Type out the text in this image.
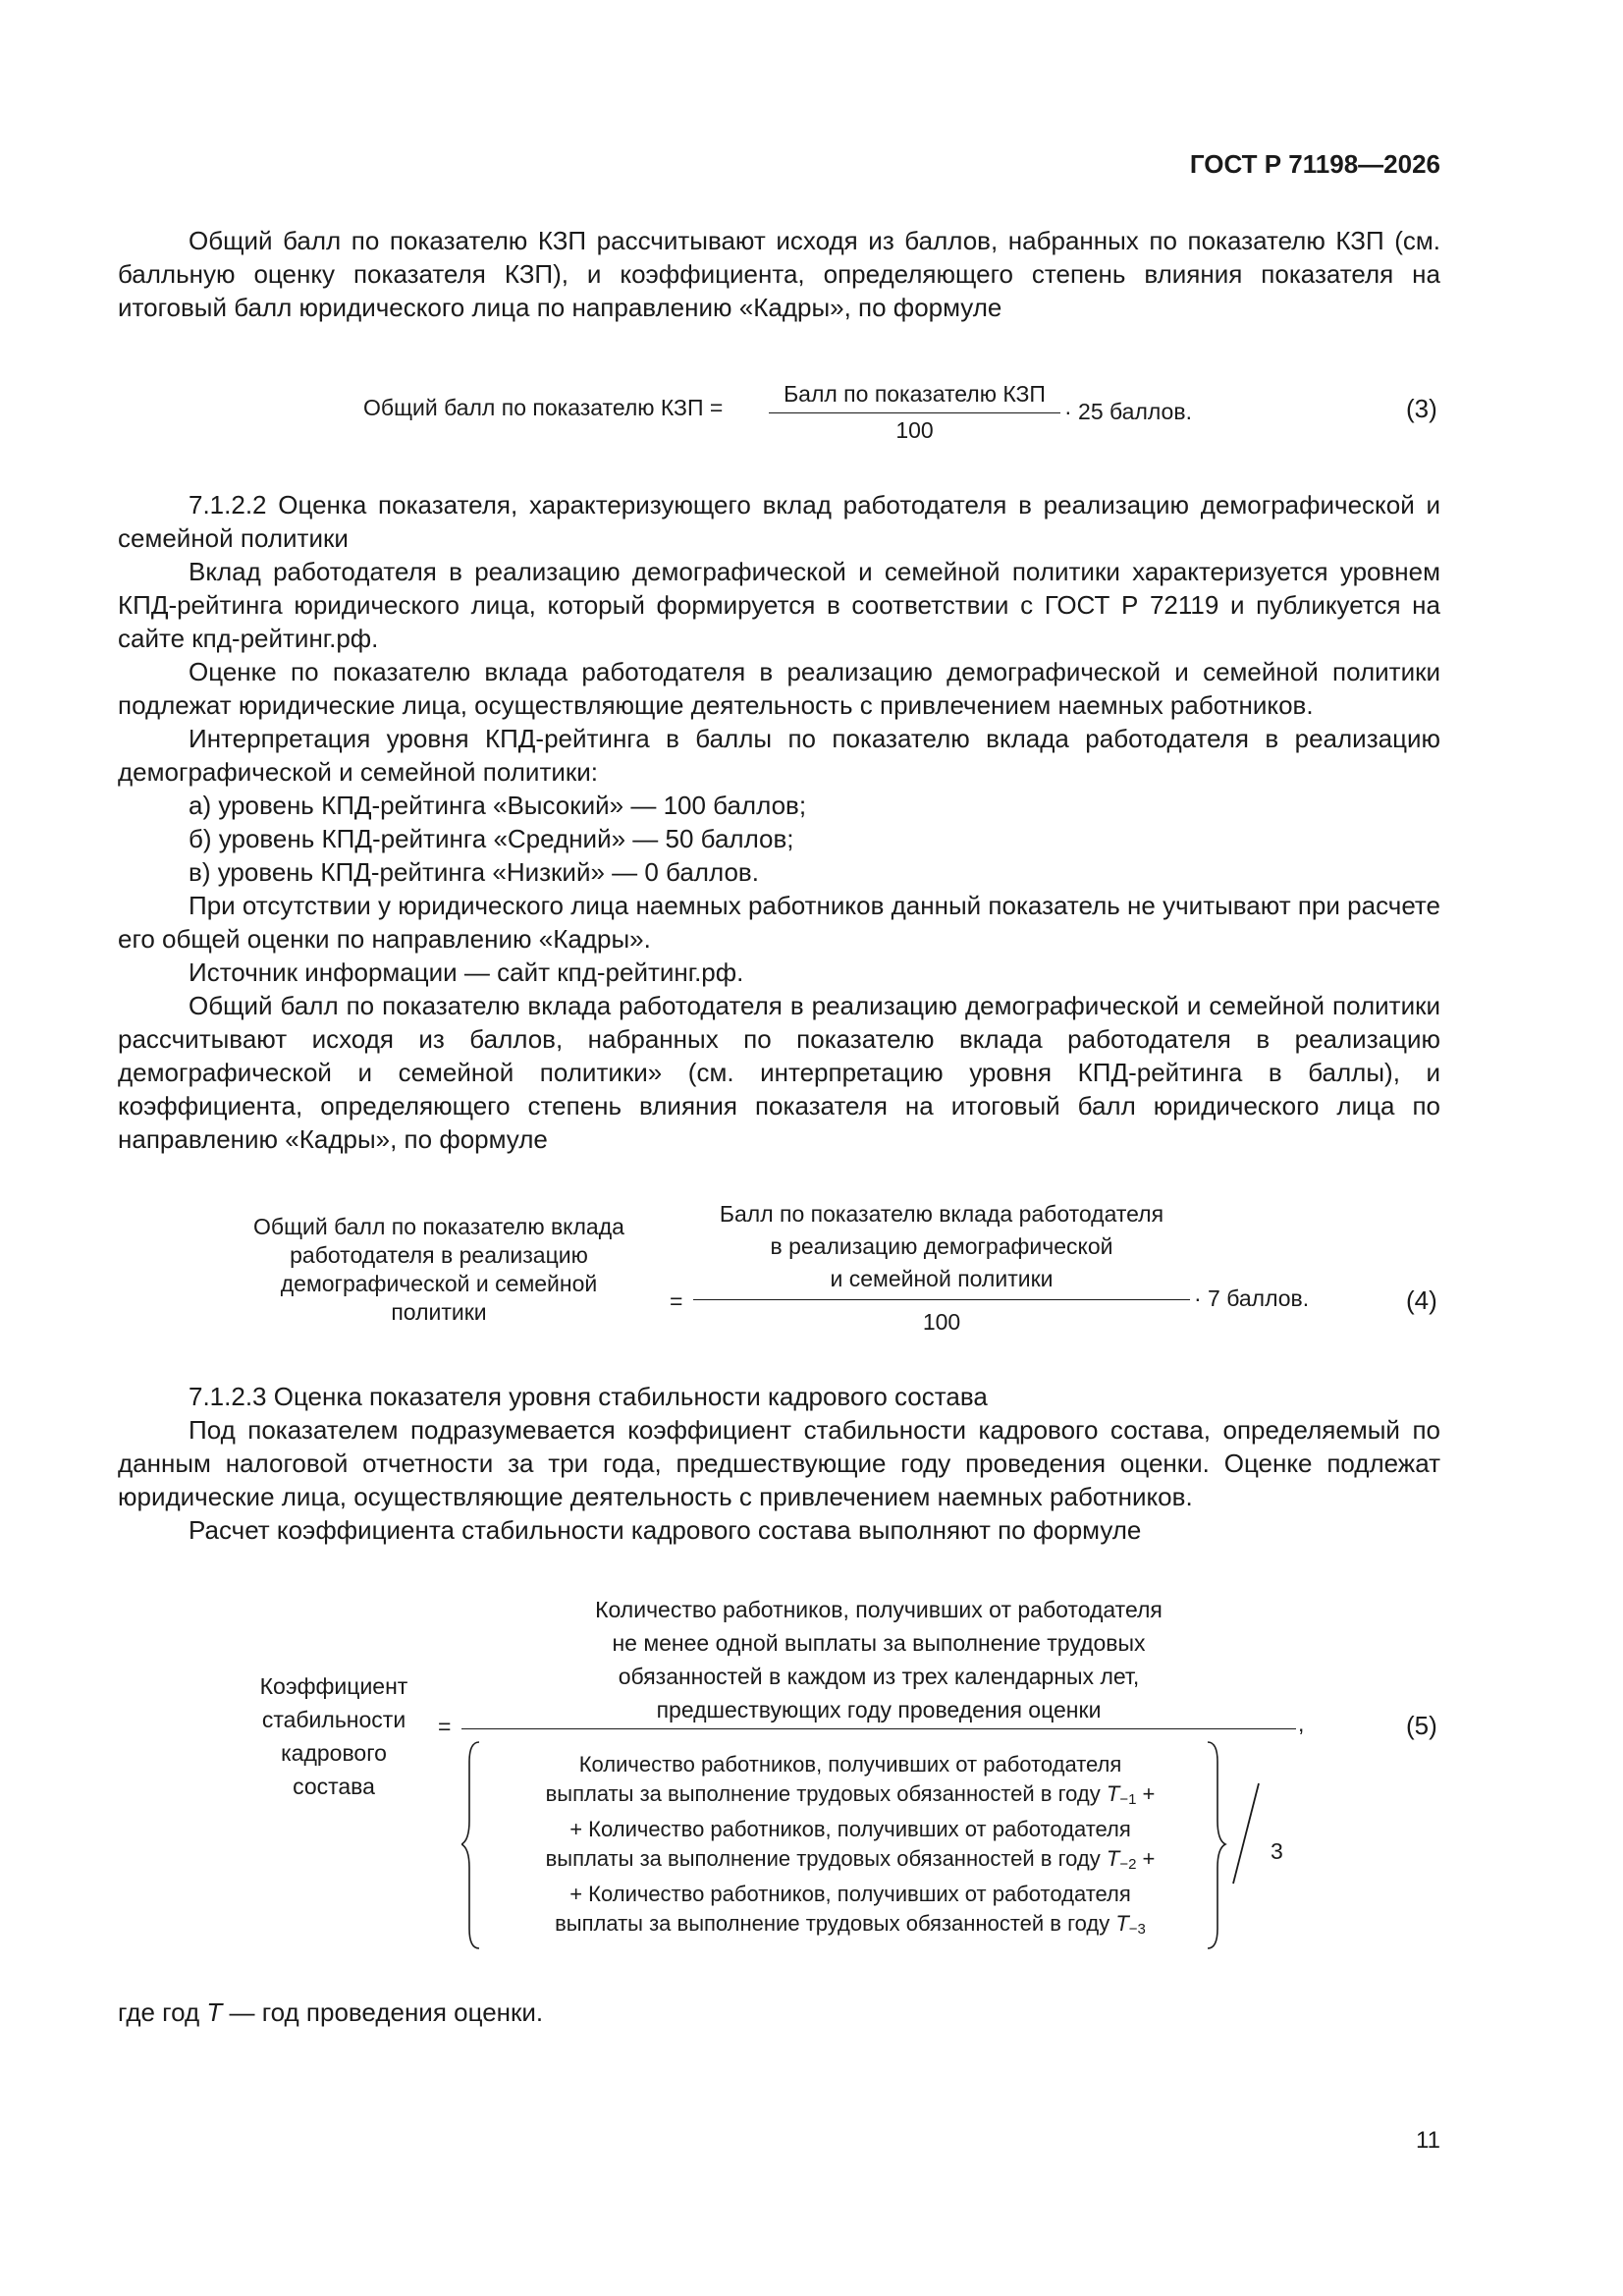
ГОСТ Р 71198—2026

Общий балл по показателю КЗП рассчитывают исходя из баллов, набранных по показателю КЗП (см. балльную оценку показателя КЗП), и коэффициента, определяющего степень влияния показателя на итоговый балл юридического лица по направлению «Кадры», по формуле

Общий балл по показателю КЗП =
Балл по показателю КЗП
100
· 25 баллов.	(3)

7.1.2.2 Оценка показателя, характеризующего вклад работодателя в реализацию демографической и семейной политики

Вклад работодателя в реализацию демографической и семейной политики характеризуется уровнем КПД-рейтинга юридического лица, который формируется в соответствии с ГОСТ Р 72119 и публикуется на сайте кпд-рейтинг.рф.

Оценке по показателю вклада работодателя в реализацию демографической и семейной политики подлежат юридические лица, осуществляющие деятельность с привлечением наемных работников.

Интерпретация уровня КПД-рейтинга в баллы по показателю вклада работодателя в реализацию демографической и семейной политики:

а) уровень КПД-рейтинга «Высокий» — 100 баллов;

б) уровень КПД-рейтинга «Средний» — 50 баллов;

в) уровень КПД-рейтинга «Низкий» — 0 баллов.

При отсутствии у юридического лица наемных работников данный показатель не учитывают при расчете его общей оценки по направлению «Кадры».

Источник информации — сайт кпд-рейтинг.рф.

Общий балл по показателю вклада работодателя в реализацию демографической и семейной политики рассчитывают исходя из баллов, набранных по показателю вклада работодателя в реализацию демографической и семейной политики» (см. интерпретацию уровня КПД-рейтинга в баллы), и коэффициента, определяющего степень влияния показателя на итоговый балл юридического лица по направлению «Кадры», по формуле

Общий балл по показателю вклада
работодателя в реализацию
демографической и семейной
политики	=
Балл по показателю вклада работодателя
в реализацию демографической
и семейной политики
100
· 7 баллов.	(4)

7.1.2.3 Оценка показателя уровня стабильности кадрового состава

Под показателем подразумевается коэффициент стабильности кадрового состава, определяемый по данным налоговой отчетности за три года, предшествующие году проведения оценки. Оценке подлежат юридические лица, осуществляющие деятельность с привлечением наемных работников.

Расчет коэффициента стабильности кадрового состава выполняют по формуле

Коэффициент
стабильности
кадрового
состава
=
Количество работников, получивших от работодателя
не менее одной выплаты за выполнение трудовых
обязанностей в каждом из трех календарных лет,
предшествующих году проведения оценки
,	(5)
Количество работников, получивших от работодателя
выплаты за выполнение трудовых обязанностей в году $T_{-1}$ +
+ Количество работников, получивших от работодателя
выплаты за выполнение трудовых обязанностей в году $T_{-2}$ +
+ Количество работников, получивших от работодателя
выплаты за выполнение трудовых обязанностей в году $T_{-3}$
3

где год T — год проведения оценки.

11
